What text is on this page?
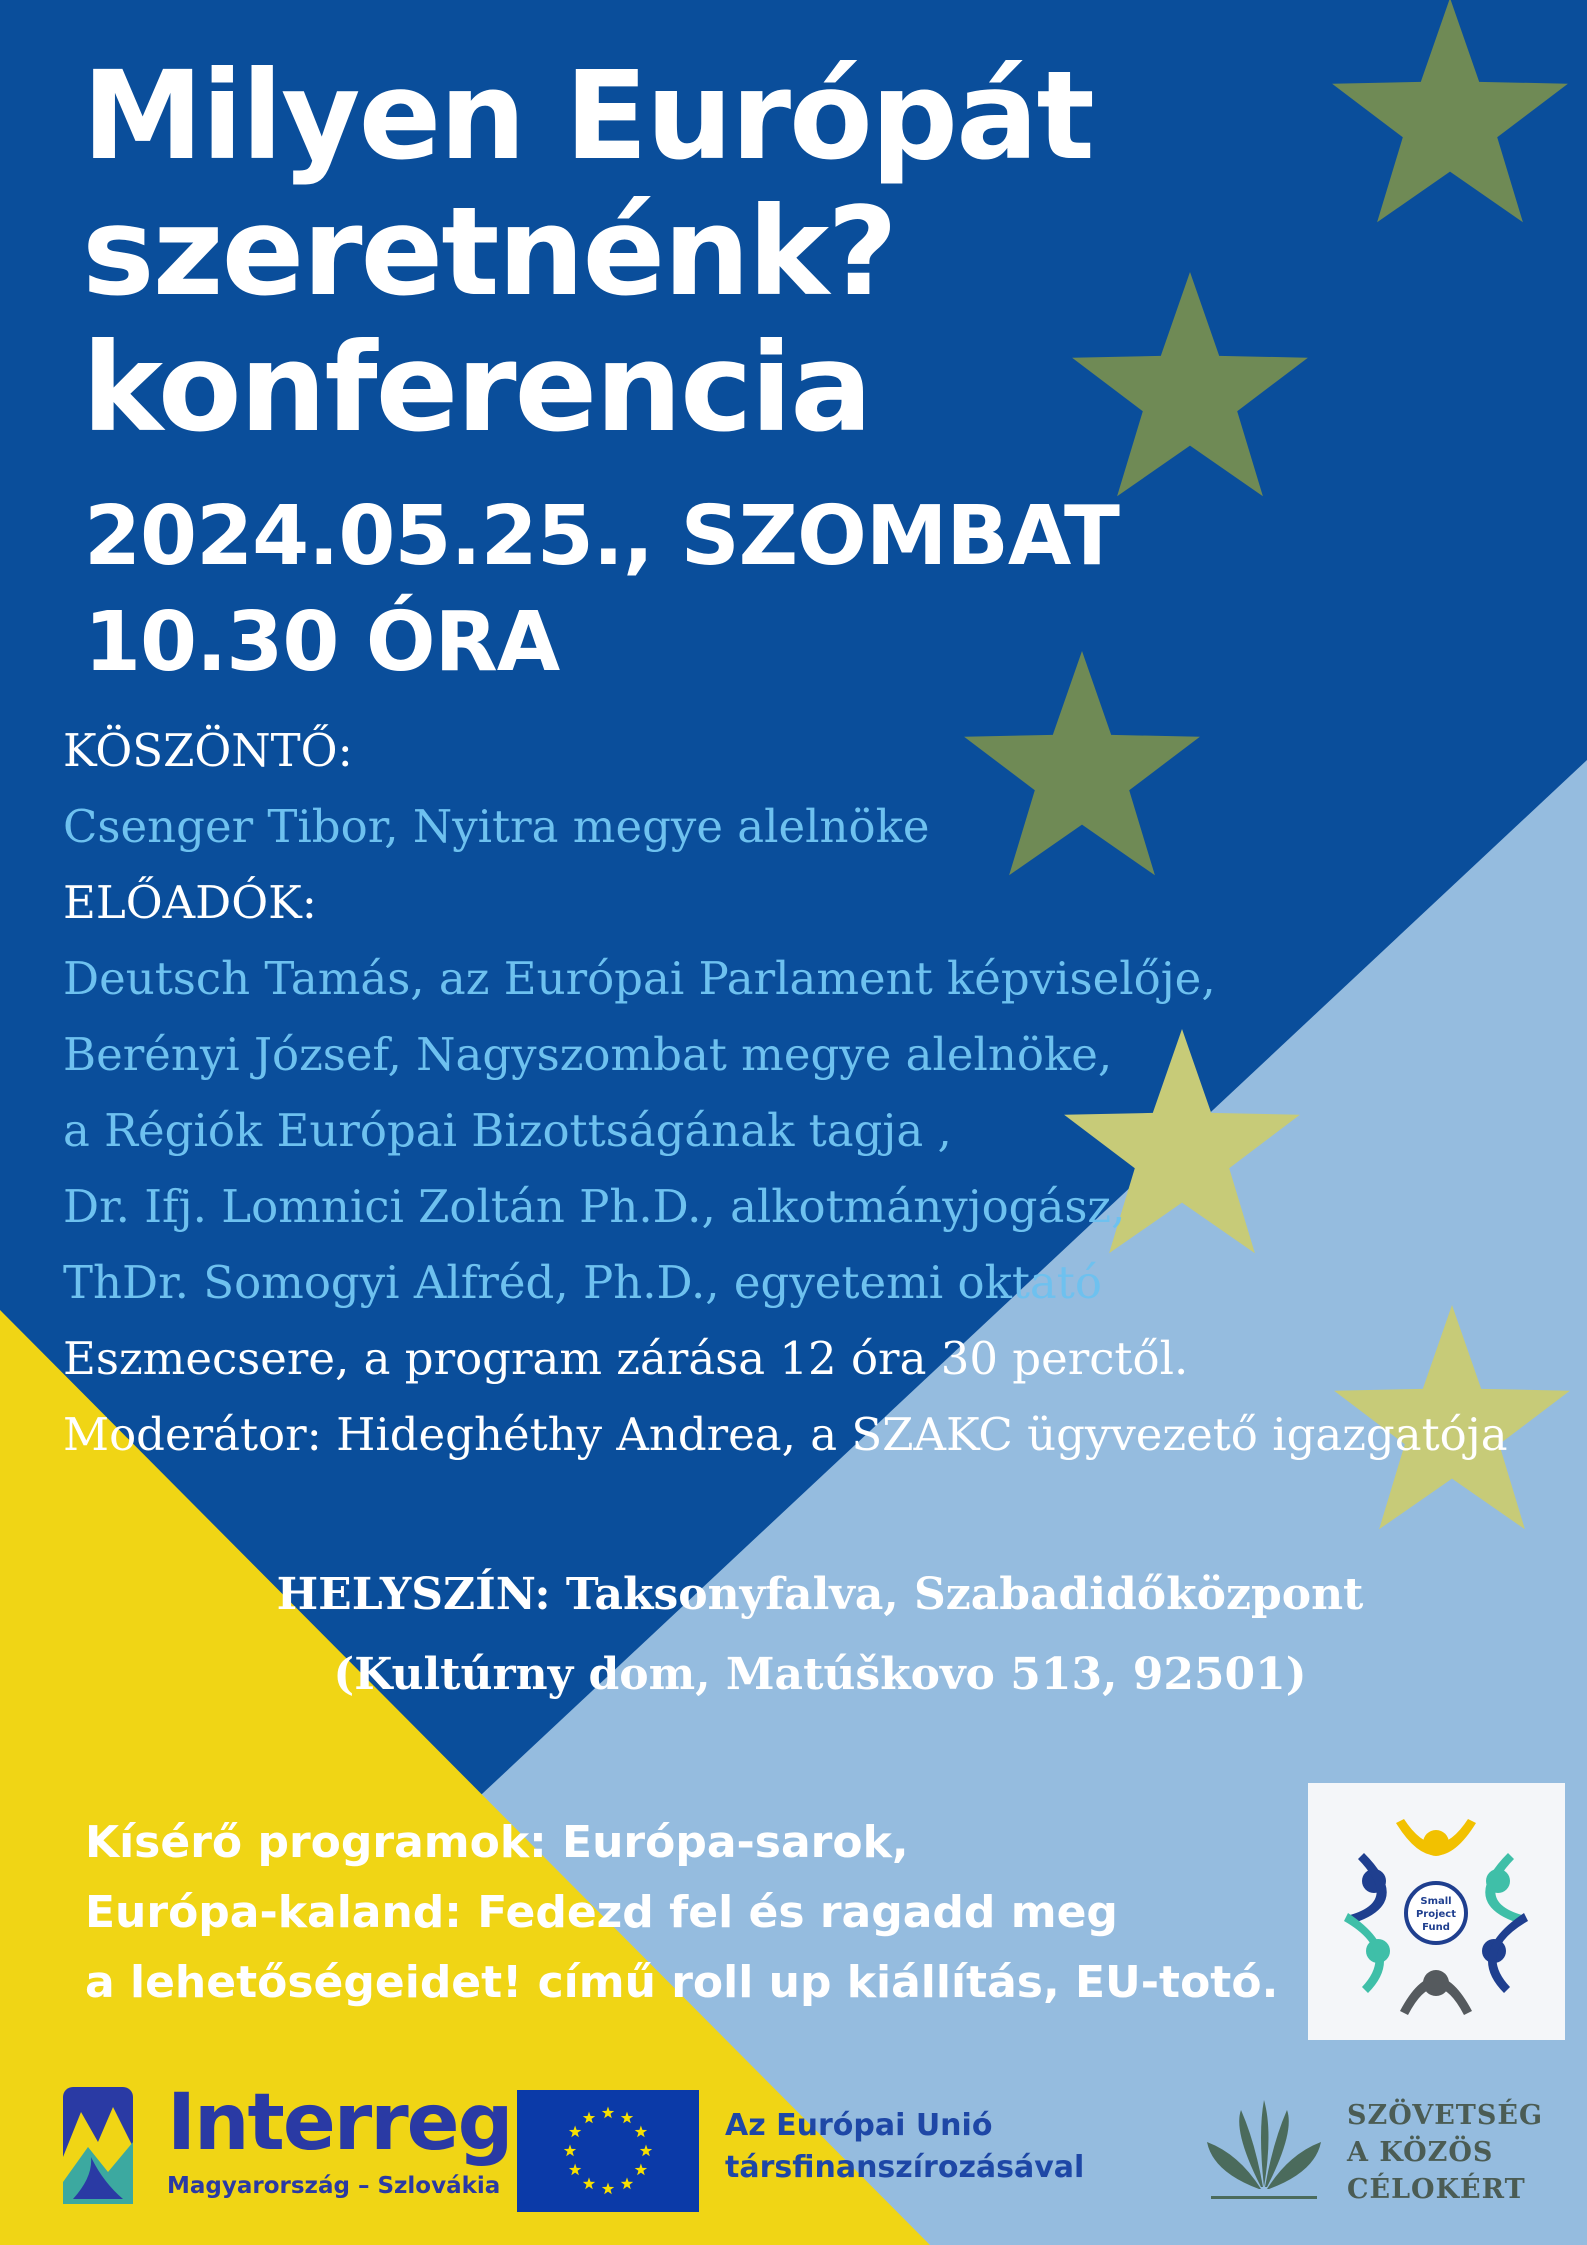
Milyen Európát
szeretnénk?
konferencia
2024.05.25., SZOMBAT
10.30 ÓRA
KÖSZÖNTŐ:
Csenger Tibor, Nyitra megye alelnöke
ELŐADÓK:
Deutsch Tamás, az Európai Parlament képviselője,
Berényi József, Nagyszombat megye alelnöke,
a Régiók Európai Bizottságának tagja ,
Dr. Ifj. Lomnici Zoltán Ph.D., alkotmányjogász,
ThDr. Somogyi Alfréd, Ph.D., egyetemi oktató
Eszmecsere, a program zárása 12 óra 30 perctől.
Moderátor: Hideghéthy Andrea, a SZAKC ügyvezető igazgatója
HELYSZÍN: Taksonyfalva, Szabadidőközpont
(Kultúrny dom, Matúškovo 513, 92501)
Kísérő programok: Európa-sarok,
Európa-kaland: Fedezd fel és ragadd meg
a lehetőségeidet! című roll up kiállítás, EU-totó.
Small
Project
Fund
Interreg
Magyarország – Szlovákia
Az Európai Unió
társfinanszírozásával
SZÖVETSÉG
A KÖZÖS
CÉLOKÉRT
